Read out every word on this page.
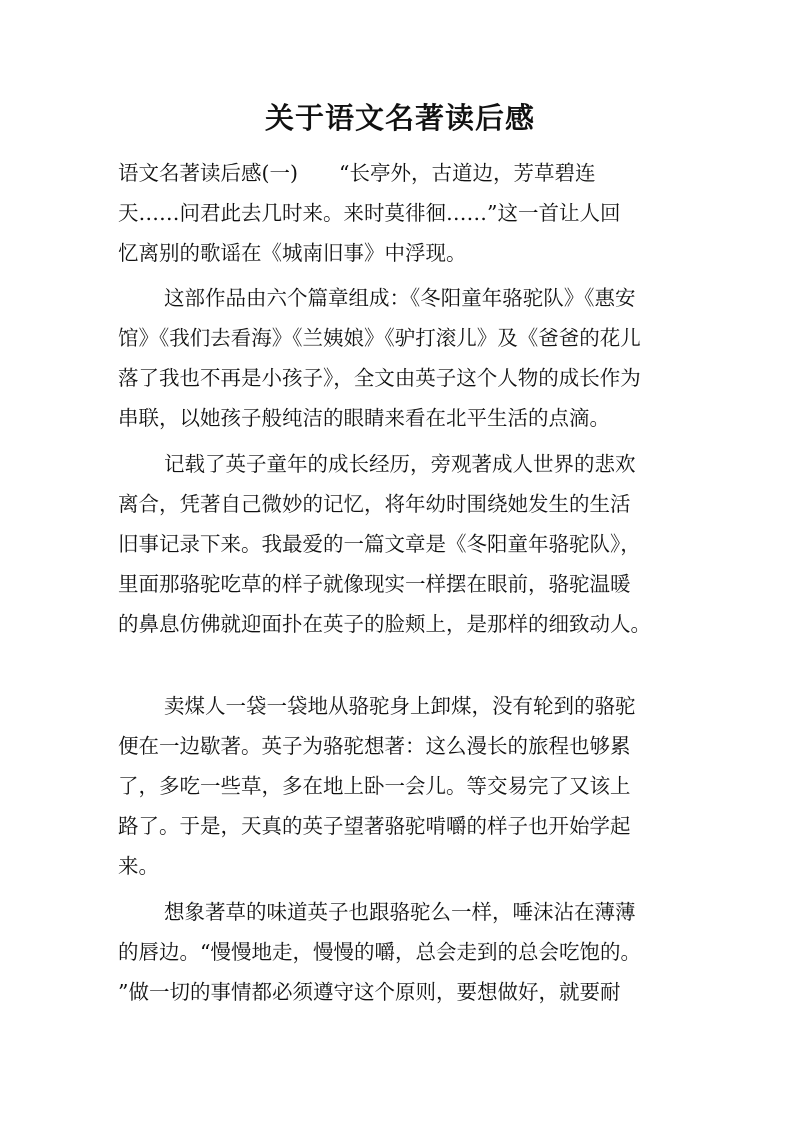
关于语文名著读后感
语文名著读后感(一)　　“长亭外，古道边，芳草碧连
天……问君此去几时来。来时莫徘徊……”这一首让人回
忆离别的歌谣在《城南旧事》中浮现。
这部作品由六个篇章组成：《冬阳童年骆驼队》《惠安
馆》《我们去看海》《兰姨娘》《驴打滚儿》及《爸爸的花儿
落了我也不再是小孩子》，全文由英子这个人物的成长作为
串联，以她孩子般纯洁的眼睛来看在北平生活的点滴。
记载了英子童年的成长经历，旁观著成人世界的悲欢
离合，凭著自己微妙的记忆，将年幼时围绕她发生的生活
旧事记录下来。我最爱的一篇文章是《冬阳童年骆驼队》，
里面那骆驼吃草的样子就像现实一样摆在眼前，骆驼温暖
的鼻息仿佛就迎面扑在英子的脸颊上，是那样的细致动人。
卖煤人一袋一袋地从骆驼身上卸煤，没有轮到的骆驼
便在一边歇著。英子为骆驼想著：这么漫长的旅程也够累
了，多吃一些草，多在地上卧一会儿。等交易完了又该上
路了。于是，天真的英子望著骆驼啃嚼的样子也开始学起
来。
想象著草的味道英子也跟骆驼么一样，唾沫沾在薄薄
的唇边。“慢慢地走，慢慢的嚼，总会走到的总会吃饱的。
”做一切的事情都必须遵守这个原则，要想做好，就要耐
